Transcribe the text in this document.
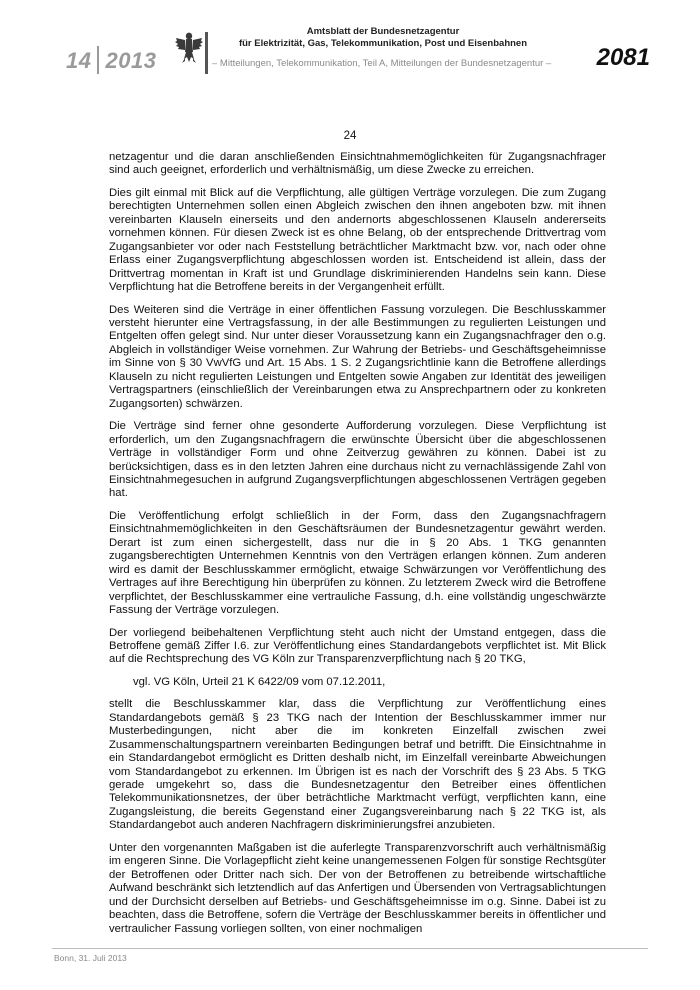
14 2013
Amtsblatt der Bundesnetzagentur
für Elektrizität, Gas, Telekommunikation, Post und Eisenbahnen
– Mitteilungen, Telekommunikation, Teil A, Mitteilungen der Bundesnetzagentur – 2081
24

netzagentur und die daran anschließenden Einsichtnahmemöglichkeiten für Zugangsnachfrager sind auch geeignet, erforderlich und verhältnismäßig, um diese Zwecke zu erreichen.

Dies gilt einmal mit Blick auf die Verpflichtung, alle gültigen Verträge vorzulegen. Die zum Zugang berechtigten Unternehmen sollen einen Abgleich zwischen den ihnen angeboten bzw. mit ihnen vereinbarten Klauseln einerseits und den andernorts abgeschlossenen Klauseln andererseits vornehmen können. Für diesen Zweck ist es ohne Belang, ob der entsprechende Drittvertrag vom Zugangsanbieter vor oder nach Feststellung beträchtlicher Marktmacht bzw. vor, nach oder ohne Erlass einer Zugangsverpflichtung abgeschlossen worden ist. Entscheidend ist allein, dass der Drittvertrag momentan in Kraft ist und Grundlage diskriminierenden Handelns sein kann. Diese Verpflichtung hat die Betroffene bereits in der Vergangenheit erfüllt.

Des Weiteren sind die Verträge in einer öffentlichen Fassung vorzulegen. Die Beschlusskammer versteht hierunter eine Vertragsfassung, in der alle Bestimmungen zu regulierten Leistungen und Entgelten offen gelegt sind. Nur unter dieser Voraussetzung kann ein Zugangsnachfrager den o.g. Abgleich in vollständiger Weise vornehmen. Zur Wahrung der Betriebs- und Geschäftsgeheimnisse im Sinne von § 30 VwVfG und Art. 15 Abs. 1 S. 2 Zugangsrichtlinie kann die Betroffene allerdings Klauseln zu nicht regulierten Leistungen und Entgelten sowie Angaben zur Identität des jeweiligen Vertragspartners (einschließlich der Vereinbarungen etwa zu Ansprechpartnern oder zu konkreten Zugangsorten) schwärzen.

Die Verträge sind ferner ohne gesonderte Aufforderung vorzulegen. Diese Verpflichtung ist erforderlich, um den Zugangsnachfragern die erwünschte Übersicht über die abgeschlossenen Verträge in vollständiger Form und ohne Zeitverzug gewähren zu können. Dabei ist zu berücksichtigen, dass es in den letzten Jahren eine durchaus nicht zu vernachlässigende Zahl von Einsichtnahmegesuchen in aufgrund Zugangsverpflichtungen abgeschlossenen Verträgen gegeben hat.

Die Veröffentlichung erfolgt schließlich in der Form, dass den Zugangsnachfragern Einsichtnahmemöglichkeiten in den Geschäftsräumen der Bundesnetzagentur gewährt werden. Derart ist zum einen sichergestellt, dass nur die in § 20 Abs. 1 TKG genannten zugangsberechtigten Unternehmen Kenntnis von den Verträgen erlangen können. Zum anderen wird es damit der Beschlusskammer ermöglicht, etwaige Schwärzungen vor Veröffentlichung des Vertrages auf ihre Berechtigung hin überprüfen zu können. Zu letzterem Zweck wird die Betroffene verpflichtet, der Beschlusskammer eine vertrauliche Fassung, d.h. eine vollständig ungeschwärzte Fassung der Verträge vorzulegen.

Der vorliegend beibehaltenen Verpflichtung steht auch nicht der Umstand entgegen, dass die Betroffene gemäß Ziffer I.6. zur Veröffentlichung eines Standardangebots verpflichtet ist. Mit Blick auf die Rechtsprechung des VG Köln zur Transparenzverpflichtung nach § 20 TKG,

vgl. VG Köln, Urteil 21 K 6422/09 vom 07.12.2011,

stellt die Beschlusskammer klar, dass die Verpflichtung zur Veröffentlichung eines Standardangebots gemäß § 23 TKG nach der Intention der Beschlusskammer immer nur Musterbedingungen, nicht aber die im konkreten Einzelfall zwischen zwei Zusammenschaltungspartnern vereinbarten Bedingungen betraf und betrifft. Die Einsichtnahme in ein Standardangebot ermöglicht es Dritten deshalb nicht, im Einzelfall vereinbarte Abweichungen vom Standardangebot zu erkennen. Im Übrigen ist es nach der Vorschrift des § 23 Abs. 5 TKG gerade umgekehrt so, dass die Bundesnetzagentur den Betreiber eines öffentlichen Telekommunikationsnetzes, der über beträchtliche Marktmacht verfügt, verpflichten kann, eine Zugangsleistung, die bereits Gegenstand einer Zugangsvereinbarung nach § 22 TKG ist, als Standardangebot auch anderen Nachfragern diskriminierungsfrei anzubieten.

Unter den vorgenannten Maßgaben ist die auferlegte Transparenzvorschrift auch verhältnismäßig im engeren Sinne. Die Vorlagepflicht zieht keine unangemessenen Folgen für sonstige Rechtsgüter der Betroffenen oder Dritter nach sich. Der von der Betroffenen zu betreibende wirtschaftliche Aufwand beschränkt sich letztendlich auf das Anfertigen und Übersenden von Vertragsablichtungen und der Durchsicht derselben auf Betriebs- und Geschäftsgeheimnisse im o.g. Sinne. Dabei ist zu beachten, dass die Betroffene, sofern die Verträge der Beschlusskammer bereits in öffentlicher und vertraulicher Fassung vorliegen sollten, von einer nochmaligen

Bonn, 31. Juli 2013
